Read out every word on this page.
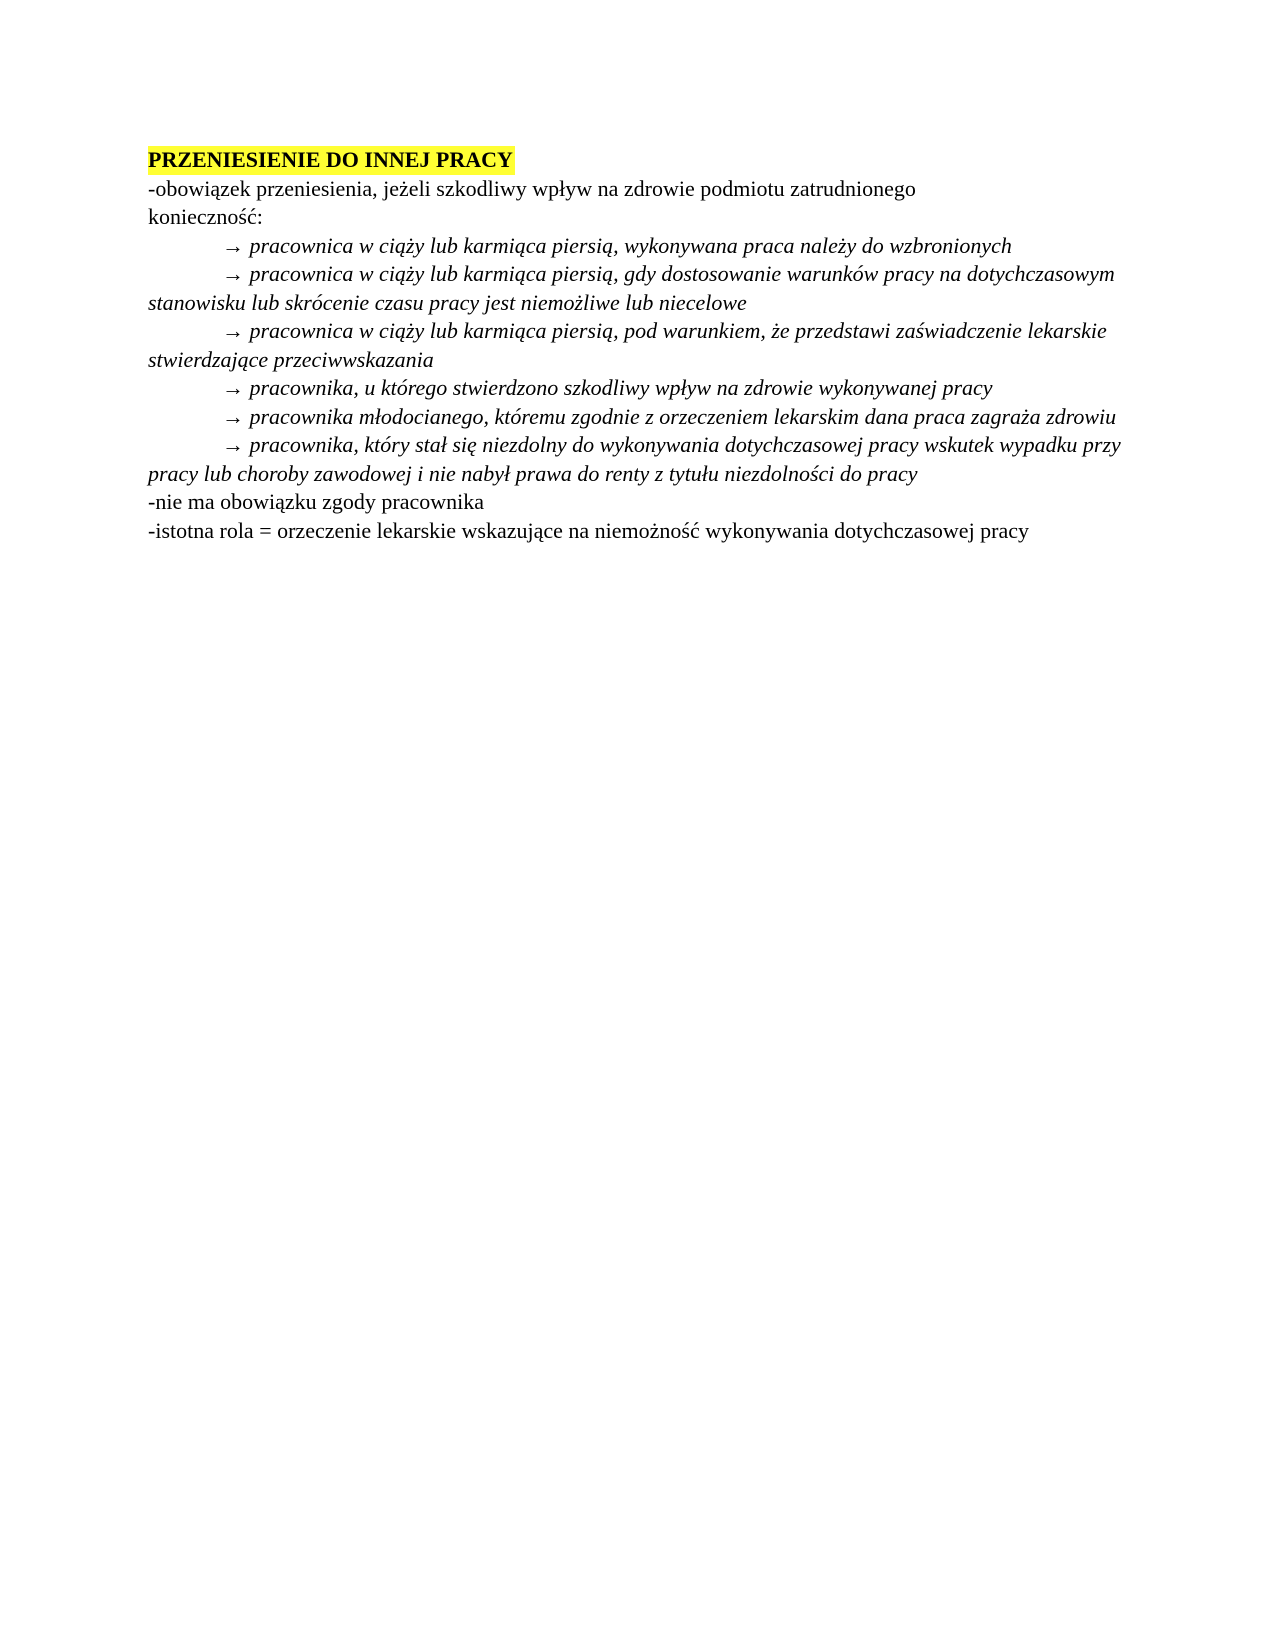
PRZENIESIENIE DO INNEJ PRACY

-obowiązek przeniesienia, jeżeli szkodliwy wpływ na zdrowie podmiotu zatrudnionego

konieczność:

→ pracownica w ciąży lub karmiąca piersią, wykonywana praca należy do wzbronionych

→ pracownica w ciąży lub karmiąca piersią, gdy dostosowanie warunków pracy na dotychczasowym stanowisku lub skrócenie czasu pracy jest niemożliwe lub niecelowe

→ pracownica w ciąży lub karmiąca piersią, pod warunkiem, że przedstawi zaświadczenie lekarskie stwierdzające przeciwwskazania

→ pracownika, u którego stwierdzono szkodliwy wpływ na zdrowie wykonywanej pracy

→ pracownika młodocianego, któremu zgodnie z orzeczeniem lekarskim dana praca zagraża zdrowiu

→ pracownika, który stał się niezdolny do wykonywania dotychczasowej pracy wskutek wypadku przy pracy lub choroby zawodowej i nie nabył prawa do renty z tytułu niezdolności do pracy

-nie ma obowiązku zgody pracownika

-istotna rola = orzeczenie lekarskie wskazujące na niemożność wykonywania dotychczasowej pracy
